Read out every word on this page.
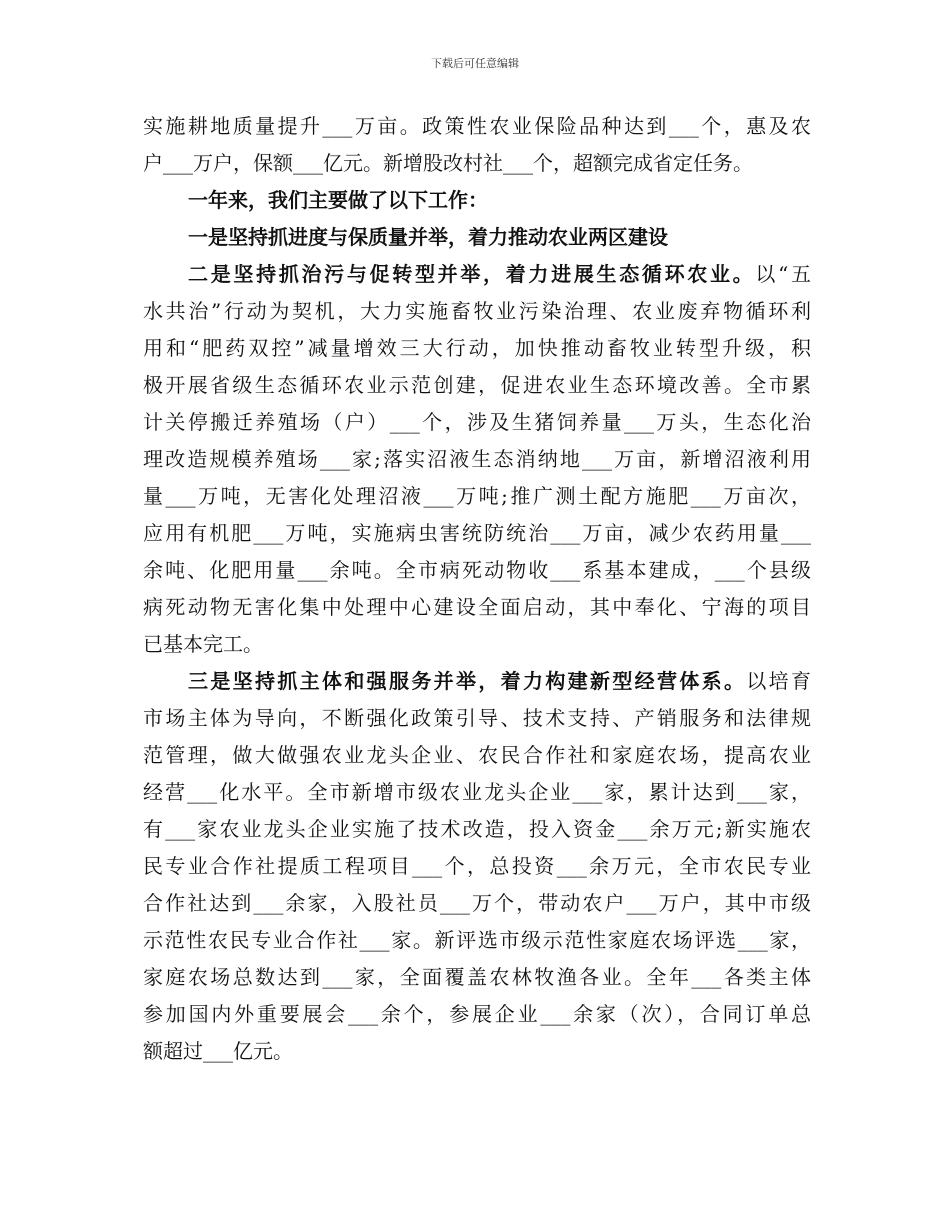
下载后可任意编辑
实施耕地质量提升___万亩。政策性农业保险品种达到___个，惠及农
户___万户，保额___亿元。新增股改村社___个，超额完成省定任务。
一年来，我们主要做了以下工作：
一是坚持抓进度与保质量并举，着力推动农业两区建设
二是坚持抓治污与促转型并举，着力进展生态循环农业。以“五
水共治”行动为契机，大力实施畜牧业污染治理、农业废弃物循环利
用和“肥药双控”减量增效三大行动，加快推动畜牧业转型升级，积
极开展省级生态循环农业示范创建，促进农业生态环境改善。全市累
计关停搬迁养殖场（户）___个，涉及生猪饲养量___万头，生态化治
理改造规模养殖场___家;落实沼液生态消纳地___万亩，新增沼液利用
量___万吨，无害化处理沼液___万吨;推广测土配方施肥___万亩次，
应用有机肥___万吨，实施病虫害统防统治___万亩，减少农药用量___
余吨、化肥用量___余吨。全市病死动物收___系基本建成，___个县级
病死动物无害化集中处理中心建设全面启动，其中奉化、宁海的项目
已基本完工。
三是坚持抓主体和强服务并举，着力构建新型经营体系。以培育
市场主体为导向，不断强化政策引导、技术支持、产销服务和法律规
范管理，做大做强农业龙头企业、农民合作社和家庭农场，提高农业
经营___化水平。全市新增市级农业龙头企业___家，累计达到___家，
有___家农业龙头企业实施了技术改造，投入资金___余万元;新实施农
民专业合作社提质工程项目___个，总投资___余万元，全市农民专业
合作社达到___余家，入股社员___万个，带动农户___万户，其中市级
示范性农民专业合作社___家。新评选市级示范性家庭农场评选___家，
家庭农场总数达到___家，全面覆盖农林牧渔各业。全年___各类主体
参加国内外重要展会___余个，参展企业___余家（次），合同订单总
额超过___亿元。
